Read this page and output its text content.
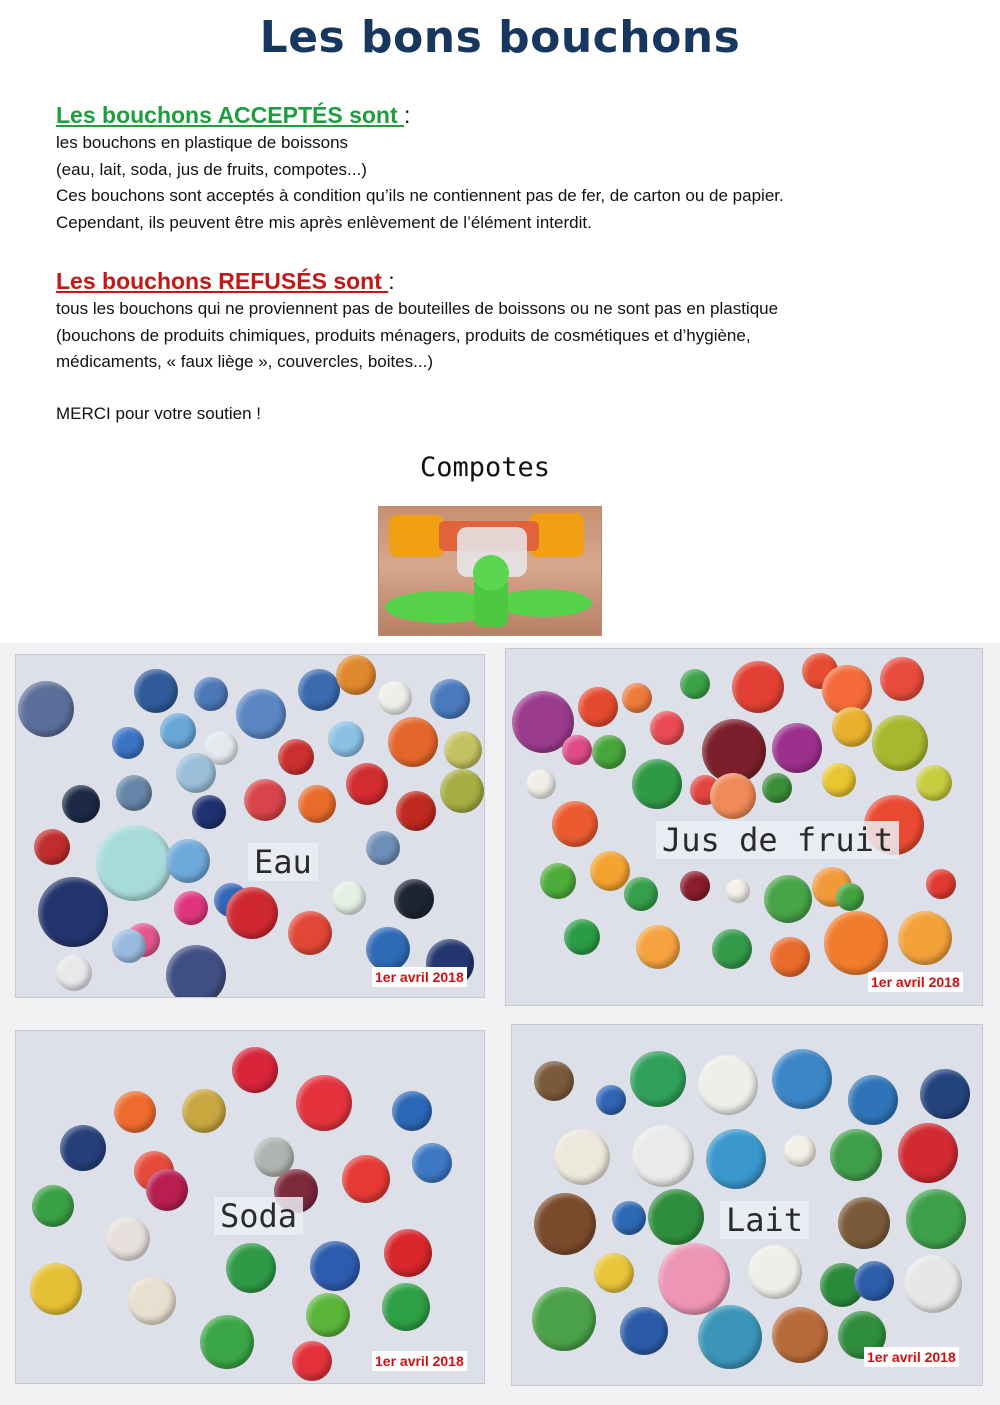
Les bons bouchons
Les bouchons ACCEPTÉS sont :
les bouchons en plastique de boissons
(eau, lait, soda, jus de fruits, compotes...)
Ces bouchons sont acceptés à condition qu’ils ne contiennent pas de fer, de carton ou de papier.
Cependant, ils peuvent être mis après enlèvement de l’élément interdit.
Les bouchons REFUSÉS sont :
tous les bouchons qui ne proviennent pas de bouteilles de boissons ou ne sont pas en plastique
(bouchons de produits chimiques, produits ménagers, produits de cosmétiques et d’hygiène,
médicaments, « faux liège », couvercles, boites...)
MERCI pour votre soutien !
Compotes
Eau
1er avril 2018
Jus de fruit
1er avril 2018
Soda
1er avril 2018
Lait
1er avril 2018
